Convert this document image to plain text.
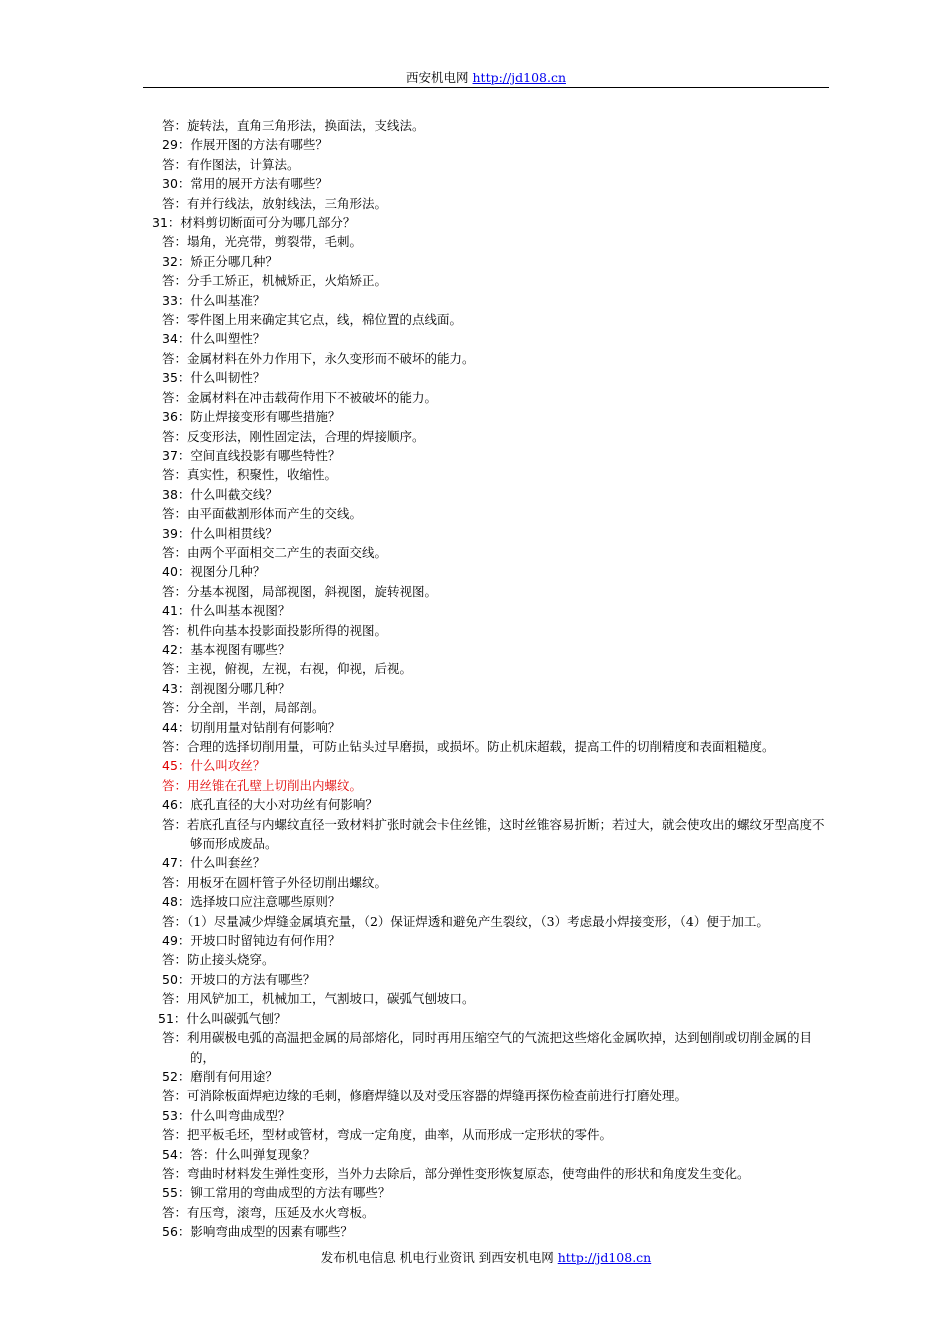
西安机电网 http://jd108.cn
答：旋转法，直角三角形法，换面法，支线法。
29：作展开图的方法有哪些？
答：有作图法，计算法。
30：常用的展开方法有哪些？
答：有并行线法，放射线法，三角形法。
31：材料剪切断面可分为哪几部分？
答：塌角，光亮带，剪裂带，毛刺。
32：矫正分哪几种？
答：分手工矫正，机械矫正，火焰矫正。
33：什么叫基准？
答：零件图上用来确定其它点，线，棉位置的点线面。
34：什么叫塑性？
答：金属材料在外力作用下，永久变形而不破坏的能力。
35：什么叫韧性？
答：金属材料在冲击载荷作用下不被破坏的能力。
36：防止焊接变形有哪些措施？
答：反变形法，刚性固定法，合理的焊接顺序。
37：空间直线投影有哪些特性？
答：真实性，积聚性，收缩性。
38：什么叫截交线？
答：由平面截割形体而产生的交线。
39：什么叫相贯线？
答：由两个平面相交二产生的表面交线。
40：视图分几种？
答：分基本视图，局部视图，斜视图，旋转视图。
41：什么叫基本视图？
答：机件向基本投影面投影所得的视图。
42：基本视图有哪些？
答：主视，俯视，左视，右视，仰视，后视。
43：剖视图分哪几种？
答：分全剖，半剖，局部剖。
44：切削用量对钻削有何影响？
答：合理的选择切削用量，可防止钻头过早磨损，或损坏。防止机床超载，提高工件的切削精度和表面粗糙度。
45：什么叫攻丝？
答：用丝锥在孔壁上切削出内螺纹。
46：底孔直径的大小对功丝有何影响？
答：若底孔直径与内螺纹直径一致材料扩张时就会卡住丝锥，这时丝锥容易折断；若过大，就会使攻出的螺纹牙型高度不够而形成废品。
47：什么叫套丝？
答：用板牙在圆杆管子外径切削出螺纹。
48：选择坡口应注意哪些原则？
答：（1）尽量减少焊缝金属填充量，（2）保证焊透和避免产生裂纹，（3）考虑最小焊接变形，（4）便于加工。
49：开坡口时留钝边有何作用？
答：防止接头烧穿。
50：开坡口的方法有哪些？
答：用风铲加工，机械加工，气割坡口，碳弧气刨坡口。
51：什么叫碳弧气刨？
答：利用碳极电弧的高温把金属的局部熔化，同时再用压缩空气的气流把这些熔化金属吹掉，达到刨削或切削金属的目的，
52：磨削有何用途？
答：可消除板面焊疤边缘的毛刺，修磨焊缝以及对受压容器的焊缝再探伤检查前进行打磨处理。
53：什么叫弯曲成型？
答：把平板毛坯，型材或管材，弯成一定角度，曲率，从而形成一定形状的零件。
54：答：什么叫弹复现象？
答：弯曲时材料发生弹性变形，当外力去除后，部分弹性变形恢复原态，使弯曲件的形状和角度发生变化。
55：铆工常用的弯曲成型的方法有哪些？
答：有压弯，滚弯，压延及水火弯板。
56：影响弯曲成型的因素有哪些？
发布机电信息 机电行业资讯 到西安机电网 http://jd108.cn
